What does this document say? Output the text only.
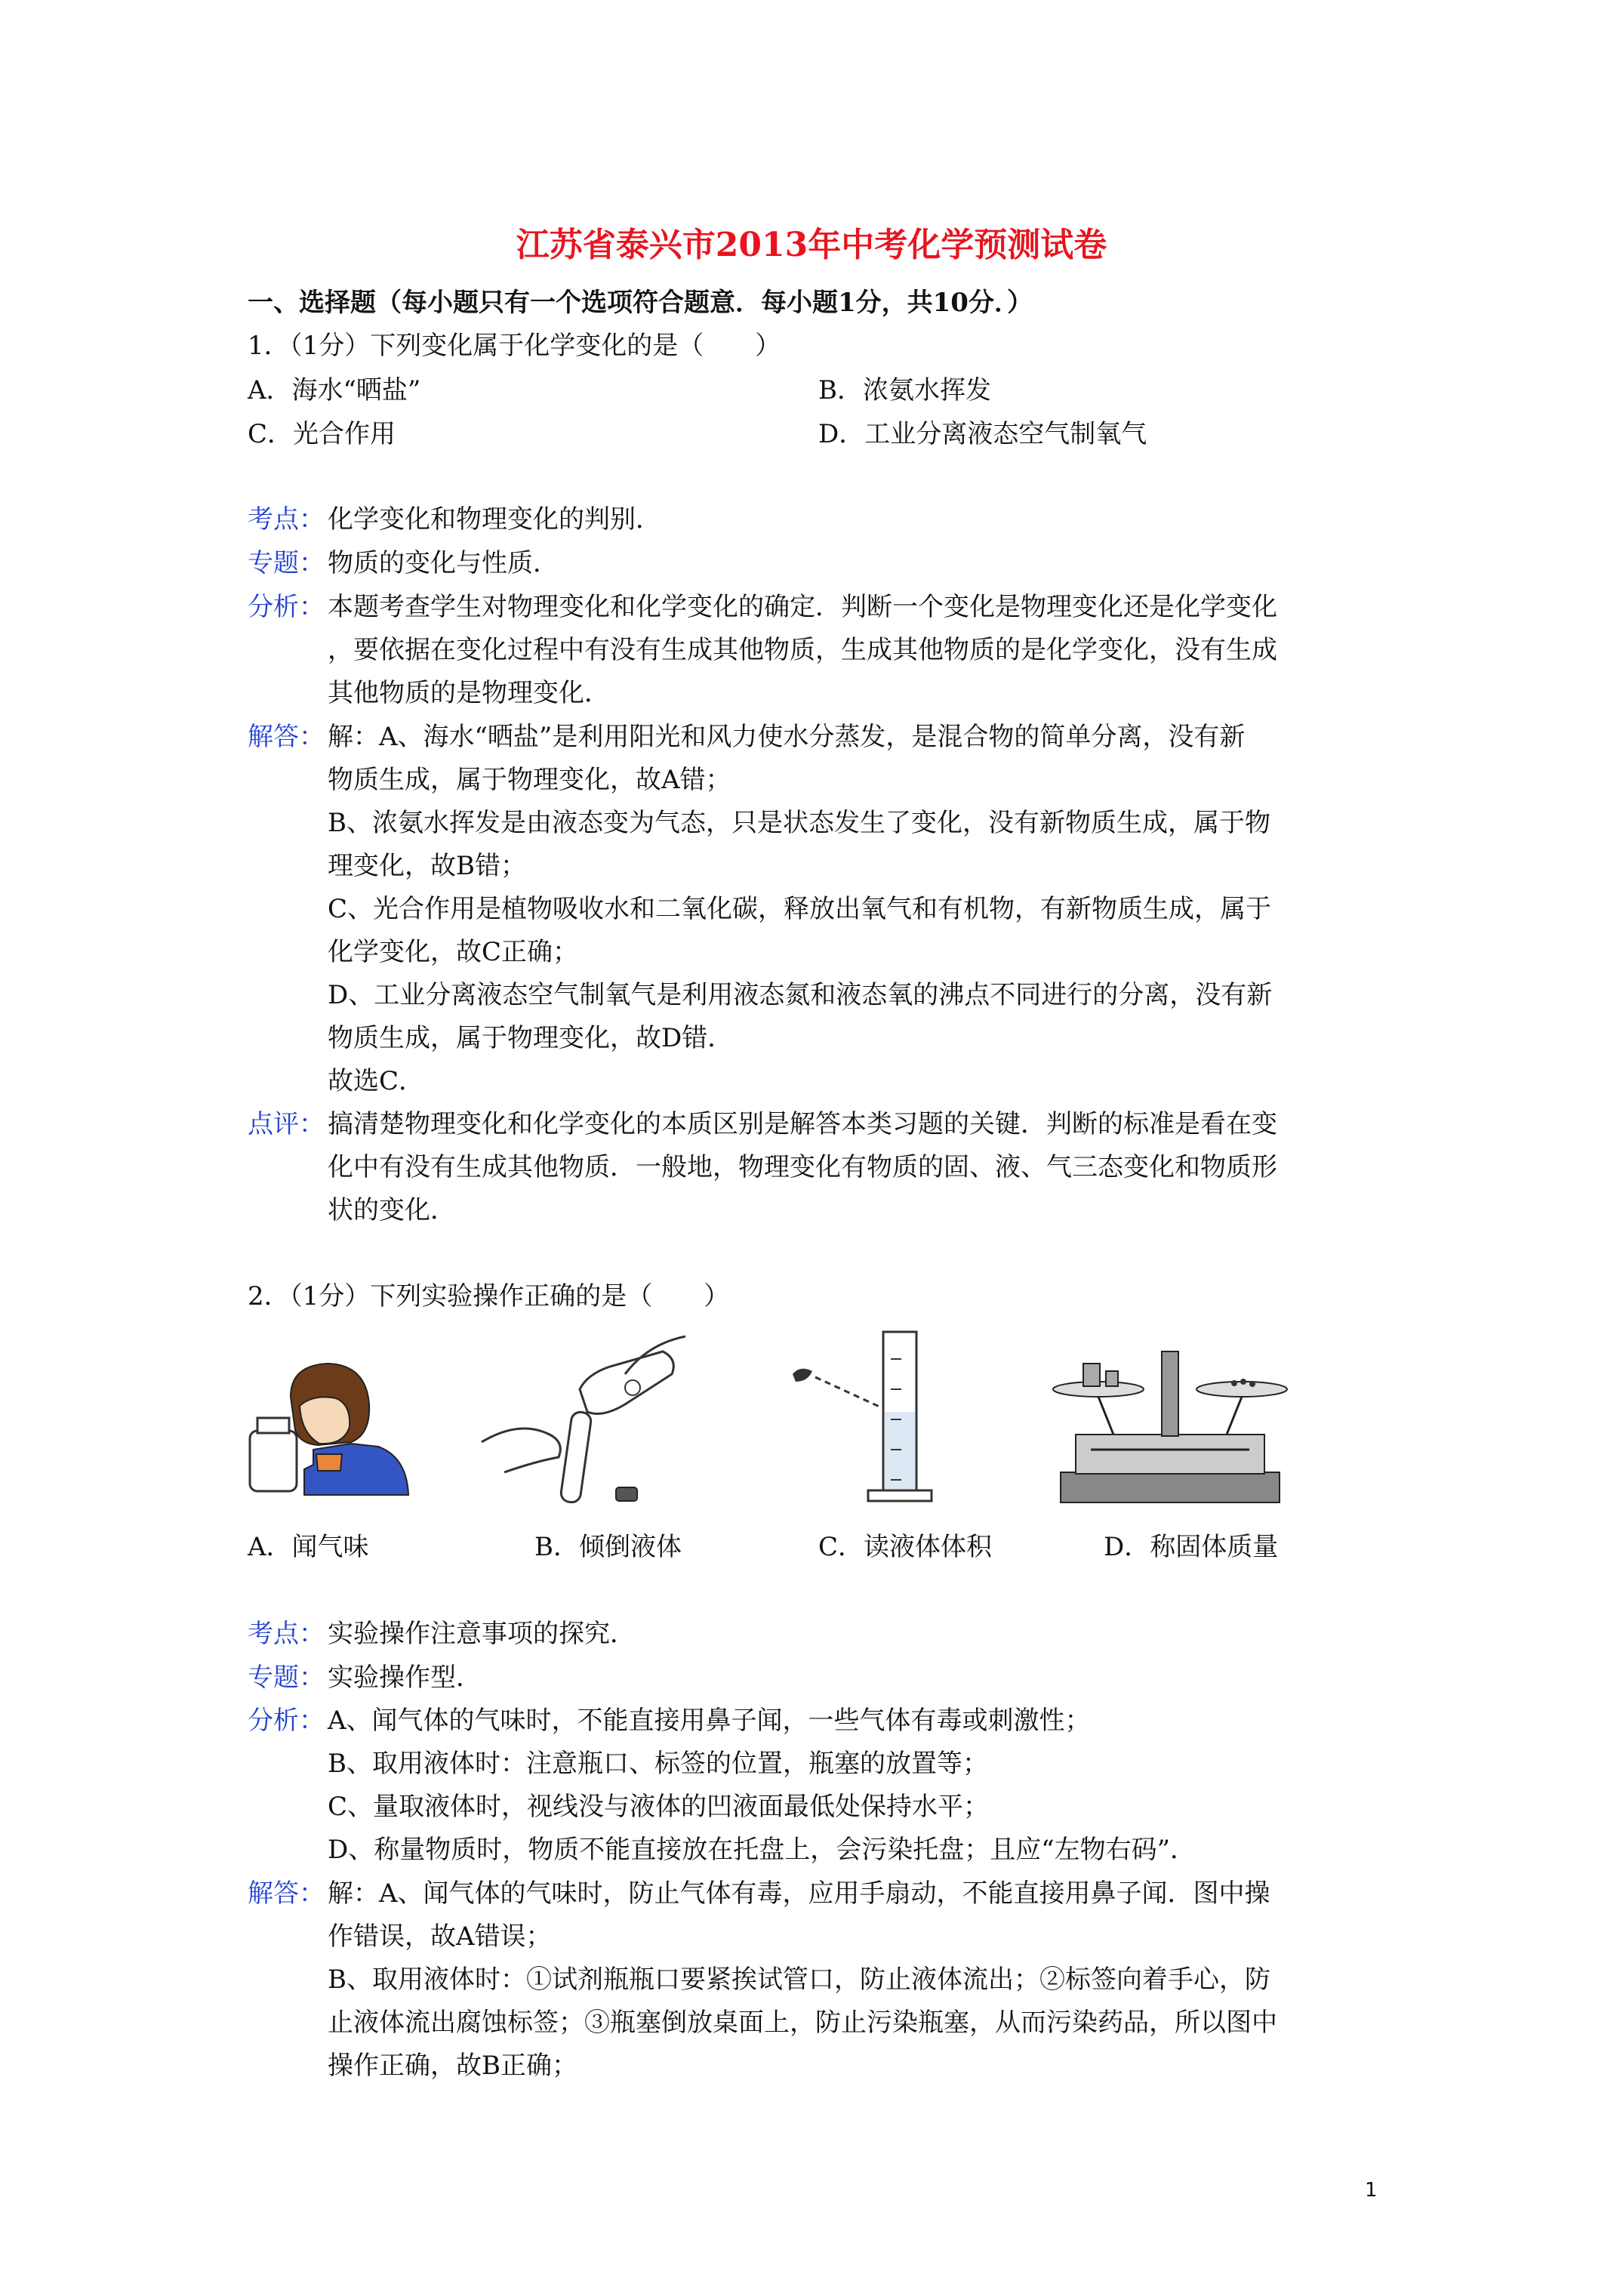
江苏省泰兴市2013年中考化学预测试卷
一、选择题（每小题只有一个选项符合题意．每小题1分，共10分．）
1．（1分）下列变化属于化学变化的是（　　）
A．海水“晒盐”	B．浓氨水挥发
C．光合作用	D．工业分离液态空气制氧气
考点： 化学变化和物理变化的判别．
专题： 物质的变化与性质．
分析： 本题考查学生对物理变化和化学变化的确定．判断一个变化是物理变化还是化学变化
，要依据在变化过程中有没有生成其他物质，生成其他物质的是化学变化，没有生成
其他物质的是物理变化．
解答： 解：A、海水“晒盐”是利用阳光和风力使水分蒸发，是混合物的简单分离，没有新
物质生成，属于物理变化，故A错；
B、浓氨水挥发是由液态变为气态，只是状态发生了变化，没有新物质生成，属于物
理变化，故B错；
C、光合作用是植物吸收水和二氧化碳，释放出氧气和有机物，有新物质生成，属于
化学变化，故C正确；
D、工业分离液态空气制氧气是利用液态氮和液态氧的沸点不同进行的分离，没有新
物质生成，属于物理变化，故D错．
故选C．
点评： 搞清楚物理变化和化学变化的本质区别是解答本类习题的关键．判断的标准是看在变
化中有没有生成其他物质．一般地，物理变化有物质的固、液、气三态变化和物质形
状的变化．
2．（1分）下列实验操作正确的是（　　）
A．闻气味	B．倾倒液体	C．读液体体积	D．称固体质量
考点： 实验操作注意事项的探究．
专题： 实验操作型．
分析： A、闻气体的气味时，不能直接用鼻子闻，一些气体有毒或刺激性；
B、取用液体时：注意瓶口、标签的位置，瓶塞的放置等；
C、量取液体时，视线没与液体的凹液面最低处保持水平；
D、称量物质时，物质不能直接放在托盘上，会污染托盘；且应“左物右码”．
解答： 解：A、闻气体的气味时，防止气体有毒，应用手扇动，不能直接用鼻子闻．图中操
作错误，故A错误；
B、取用液体时：①试剂瓶瓶口要紧挨试管口，防止液体流出；②标签向着手心，防
止液体流出腐蚀标签；③瓶塞倒放桌面上，防止污染瓶塞，从而污染药品，所以图中
操作正确，故B正确；
1
